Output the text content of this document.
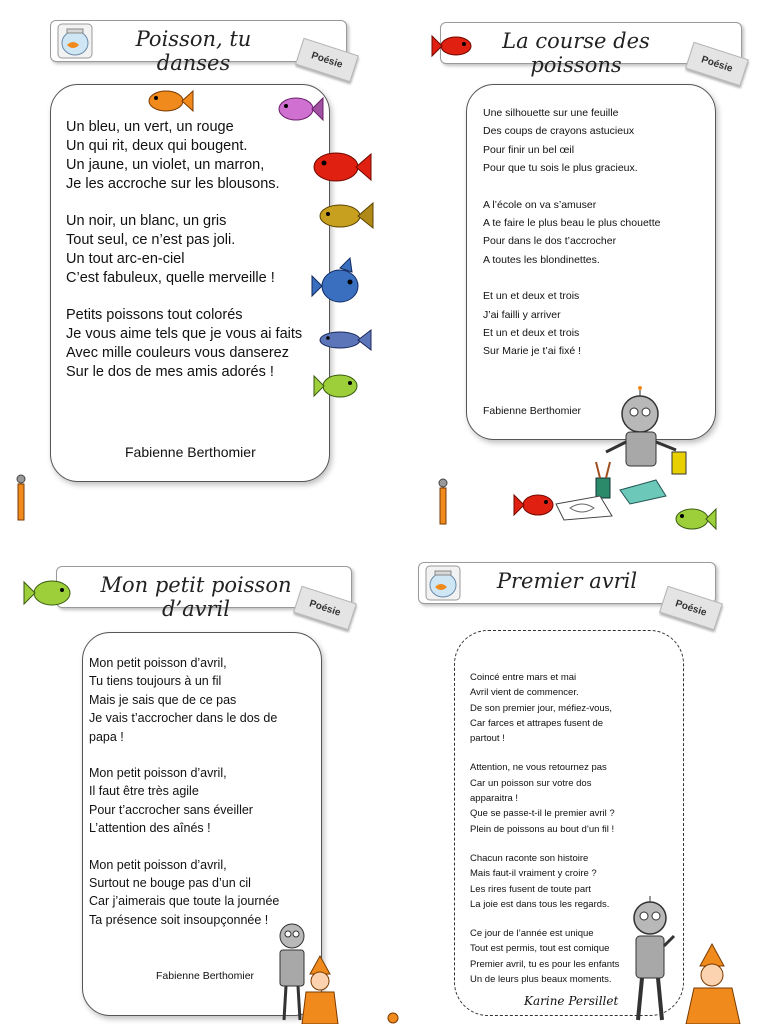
Poisson, tu danses	Poésie
Un bleu, un vert, un rouge
Un qui rit, deux qui bougent.
Un jaune, un violet, un marron,
Je les accroche sur les blousons.
Un noir, un blanc, un gris
Tout seul, ce n’est pas joli.
Un tout arc-en-ciel
C’est fabuleux, quelle merveille !
Petits poissons tout colorés
Je vous aime tels que je vous ai faits
Avec mille couleurs vous danserez
Sur le dos de mes amis adorés !
Fabienne Berthomier
La course des poissons	Poésie
Une silhouette sur une feuille
Des coups de crayons astucieux
Pour finir un bel œil
Pour que tu sois le plus gracieux.
A l’école on va s’amuser
A te faire le plus beau le plus chouette
Pour dans le dos t’accrocher
A toutes les blondinettes.
Et un et deux et trois
J’ai failli y arriver
Et un et deux et trois
Sur Marie je t’ai fixé !
Fabienne Berthomier
Mon petit poisson d’avril	Poésie
Mon petit poisson d’avril,
Tu tiens toujours à un fil
Mais je sais que de ce pas
Je vais t’accrocher dans le dos de
papa !
Mon petit poisson d’avril,
Il faut être très agile
Pour t’accrocher sans éveiller
L’attention des aînés !
Mon petit poisson d’avril,
Surtout ne bouge pas d’un cil
Car j’aimerais que toute la journée
Ta présence soit insoupçonnée !
Fabienne Berthomier
Premier avril
Poésie
Coincé entre mars et mai
Avril vient de commencer.
De son premier jour, méfiez-vous,
Car farces et attrapes fusent de
partout !
Attention, ne vous retournez pas
Car un poisson sur votre dos
apparaitra !
Que se passe-t-il le premier avril ?
Plein de poissons au bout d’un fil !
Chacun raconte son histoire
Mais faut-il vraiment y croire ?
Les rires fusent de toute part
La joie est dans tous les regards.
Ce jour de l’année est unique
Tout est permis, tout est comique
Premier avril, tu es pour les enfants
Un de leurs plus beaux moments.
Karine Persillet
